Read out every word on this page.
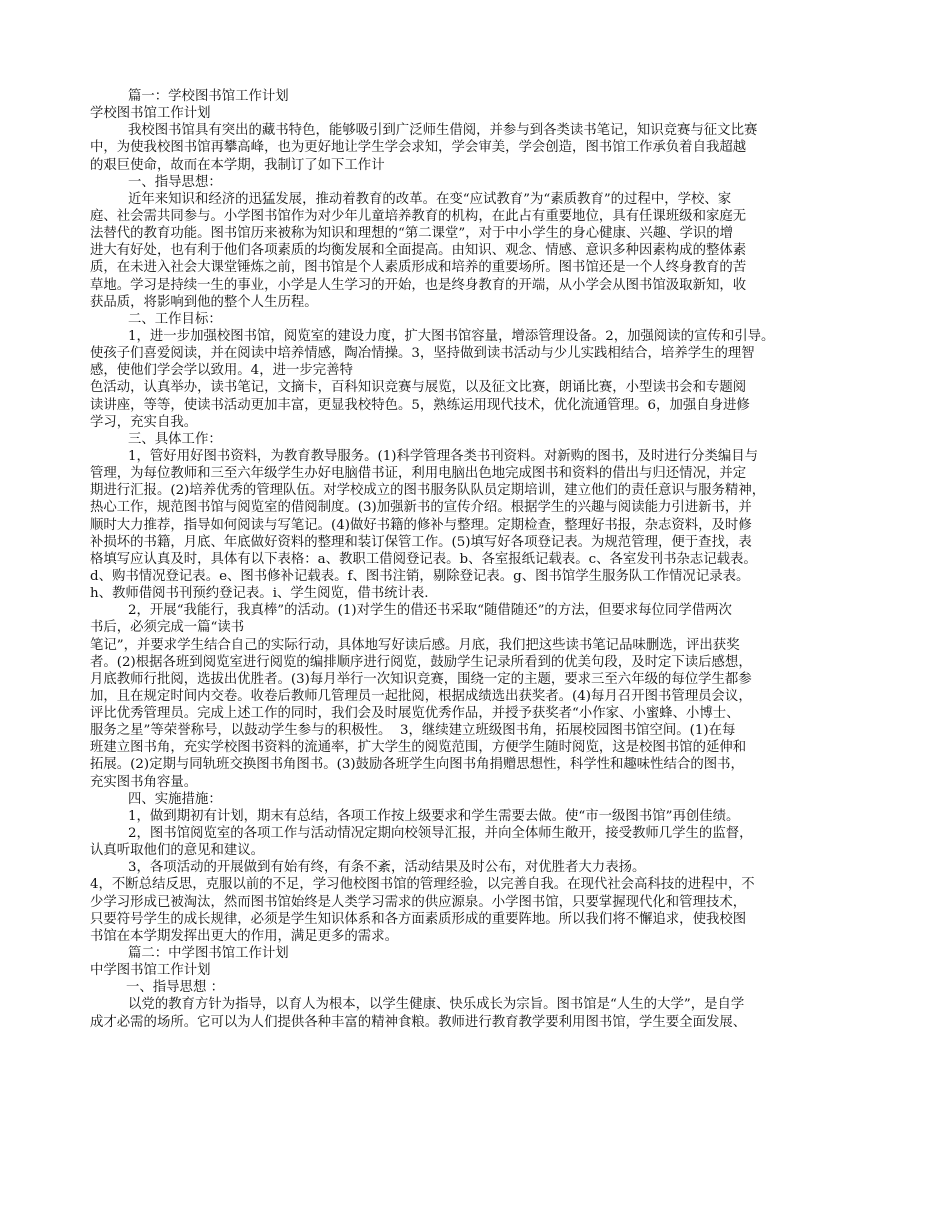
篇一：学校图书馆工作计划
学校图书馆工作计划
我校图书馆具有突出的藏书特色，能够吸引到广泛师生借阅，并参与到各类读书笔记，知识竞赛与征文比赛
中，为使我校图书馆再攀高峰，也为更好地让学生学会求知，学会审美，学会创造，图书馆工作承负着自我超越
的艰巨使命，故而在本学期，我制订了如下工作计
一、指导思想：
近年来知识和经济的迅猛发展，推动着教育的改革。在变“应试教育”为“素质教育”的过程中，学校、家
庭、社会需共同参与。小学图书馆作为对少年儿童培养教育的机构，在此占有重要地位，具有任课班级和家庭无
法替代的教育功能。图书馆历来被称为知识和理想的“第二课堂”，对于中小学生的身心健康、兴趣、学识的增
进大有好处，也有利于他们各项素质的均衡发展和全面提高。由知识、观念、情感、意识多种因素构成的整体素
质，在未进入社会大课堂锤炼之前，图书馆是个人素质形成和培养的重要场所。图书馆还是一个人终身教育的苦
草地。学习是持续一生的事业，小学是人生学习的开始，也是终身教育的开端，从小学会从图书馆汲取新知，收
获品质，将影响到他的整个人生历程。
二、工作目标：
1，进一步加强校图书馆，阅览室的建设力度，扩大图书馆容量，增添管理设备。2，加强阅读的宣传和引导。
使孩子们喜爱阅读，并在阅读中培养情感，陶冶情操。3，坚持做到读书活动与少儿实践相结合，培养学生的理智
感，使他们学会学以致用。4，进一步完善特
色活动，认真举办，读书笔记，文摘卡，百科知识竞赛与展览，以及征文比赛，朗诵比赛，小型读书会和专题阅
读讲座，等等，使读书活动更加丰富，更显我校特色。5，熟练运用现代技术，优化流通管理。6，加强自身进修
学习，充实自我。
三、具体工作：
1，管好用好图书资料，为教育教导服务。(1)科学管理各类书刊资料。对新购的图书，及时进行分类编目与
管理，为每位教师和三至六年级学生办好电脑借书证，利用电脑出色地完成图书和资料的借出与归还情况，并定
期进行汇报。(2)培养优秀的管理队伍。对学校成立的图书服务队队员定期培训，建立他们的责任意识与服务精神，
热心工作，规范图书馆与阅览室的借阅制度。(3)加强新书的宣传介绍。根据学生的兴趣与阅读能力引进新书，并
顺时大力推荐，指导如何阅读与写笔记。(4)做好书籍的修补与整理。定期检查，整理好书报，杂志资料，及时修
补损坏的书籍，月底、年底做好资料的整理和装订保管工作。(5)填写好各项登记表。为规范管理，便于查找，表
格填写应认真及时，具体有以下表格：a、教职工借阅登记表。b、各室报纸记载表。c、各室发刊书杂志记载表。
d、购书情况登记表。e、图书修补记载表。f、图书注销，剔除登记表。g、图书馆学生服务队工作情况记录表。
h、教师借阅书刊预约登记表。i、学生阅览，借书统计表.
2，开展“我能行，我真棒”的活动。(1)对学生的借还书采取“随借随还”的方法，但要求每位同学借两次
书后，必须完成一篇“读书
笔记”，并要求学生结合自己的实际行动，具体地写好读后感。月底，我们把这些读书笔记品味删选，评出获奖
者。(2)根据各班到阅览室进行阅览的编排顺序进行阅览，鼓励学生记录所看到的优美句段，及时定下读后感想，
月底教师行批阅，选拔出优胜者。(3)每月举行一次知识竞赛，围绕一定的主题，要求三至六年级的每位学生都参
加，且在规定时间内交卷。收卷后教师几管理员一起批阅，根据成绩选出获奖者。(4)每月召开图书管理员会议，
评比优秀管理员。完成上述工作的同时，我们会及时展览优秀作品，并授予获奖者“小作家、小蜜蜂、小博士、
服务之星”等荣誉称号，以鼓动学生参与的积极性。  3，继续建立班级图书角，拓展校园图书馆空间。(1)在每
班建立图书角，充实学校图书资料的流通率，扩大学生的阅览范围，方便学生随时阅览，这是校图书馆的延伸和
拓展。(2)定期与同轨班交换图书角图书。(3)鼓励各班学生向图书角捐赠思想性，科学性和趣味性结合的图书，
充实图书角容量。
四、实施措施：
1，做到期初有计划，期末有总结，各项工作按上级要求和学生需要去做。使“市一级图书馆”再创佳绩。
2，图书馆阅览室的各项工作与活动情况定期向校领导汇报，并向全体师生敞开，接受教师几学生的监督，
认真听取他们的意见和建议。
3，各项活动的开展做到有始有终，有条不紊，活动结果及时公布，对优胜者大力表扬。
4，不断总结反思，克服以前的不足，学习他校图书馆的管理经验，以完善自我。在现代社会高科技的进程中，不
少学习形成已被淘汰，然而图书馆始终是人类学习需求的供应源泉。小学图书馆，只要掌握现代化和管理技术，
只要符号学生的成长规律，必须是学生知识体系和各方面素质形成的重要阵地。所以我们将不懈追求，使我校图
书馆在本学期发挥出更大的作用，满足更多的需求。
篇二：中学图书馆工作计划
中学图书馆工作计划
一、指导思想 ：
以党的教育方针为指导，以育人为根本，以学生健康、快乐成长为宗旨。图书馆是“人生的大学”，是自学
成才必需的场所。它可以为人们提供各种丰富的精神食粮。教师进行教育教学要利用图书馆，学生要全面发展、
